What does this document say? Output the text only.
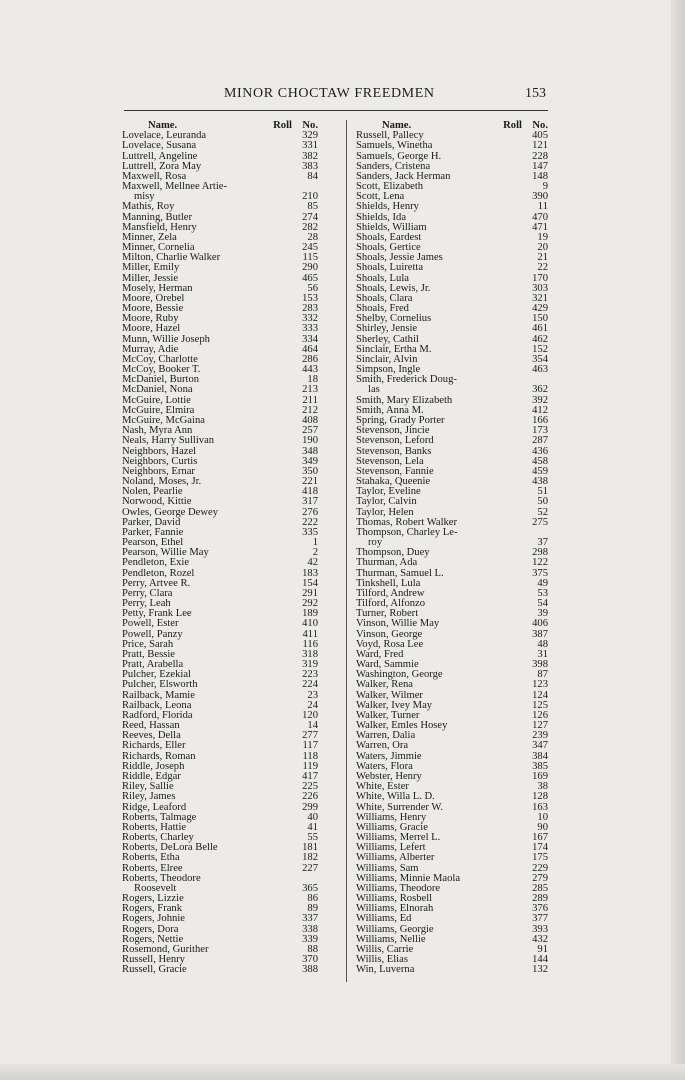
MINOR CHOCTAW FREEDMEN	153
Name.	Roll No.
Lovelace, Leuranda	329
Lovelace, Susana	331
Luttrell, Angeline	382
Luttrell, Zora May	383
Maxwell, Rosa	84
Maxwell, Mellnee Artie-
misy	210
Mathis, Roy	85
Manning, Butler	274
Mansfield, Henry	282
Minner, Zela	28
Minner, Cornelia	245
Milton, Charlie Walker	115
Miller, Emily	290
Miller, Jessie	465
Mosely, Herman	56
Moore, Orebel	153
Moore, Bessie	283
Moore, Ruby	332
Moore, Hazel	333
Munn, Willie Joseph	334
Murray, Adie	464
McCoy, Charlotte	286
McCoy, Booker T.	443
McDaniel, Burton	18
McDaniel, Nona	213
McGuire, Lottie	211
McGuire, Elmira	212
McGuire, McGaina	408
Nash, Myra Ann	257
Neals, Harry Sullivan	190
Neighbors, Hazel	348
Neighbors, Curtis	349
Neighbors, Ernar	350
Noland, Moses, Jr.	221
Nolen, Pearlie	418
Norwood, Kittie	317
Owles, George Dewey	276
Parker, David	222
Parker, Fannie	335
Pearson, Ethel	1
Pearson, Willie May	2
Pendleton, Exie	42
Pendleton, Rozel	183
Perry, Artvee R.	154
Perry, Clara	291
Perry, Leah	292
Petty, Frank Lee	189
Powell, Ester	410
Powell, Panzy	411
Price, Sarah	116
Pratt, Bessie	318
Pratt, Arabella	319
Pulcher, Ezekial	223
Pulcher, Elsworth	224
Railback, Mamie	23
Railback, Leona	24
Radford, Florida	120
Reed, Hassan	14
Reeves, Della	277
Richards, Eller	117
Richards, Roman	118
Riddle, Joseph	119
Riddle, Edgar	417
Riley, Sallie	225
Riley, James	226
Ridge, Leaford	299
Roberts, Talmage	40
Roberts, Hattie	41
Roberts, Charley	55
Roberts, DeLora Belle	181
Roberts, Etha	182
Roberts, Elree	227
Roberts, Theodore
Roosevelt	365
Rogers, Lizzie	86
Rogers, Frank	89
Rogers, Johnie	337
Rogers, Dora	338
Rogers, Nettie	339
Rosemond, Gurither	88
Russell, Henry	370
Russell, Gracie	388
Name.	Roll No.
Russell, Pallecy	405
Samuels, Winetha	121
Samuels, George H.	228
Sanders, Cristena	147
Sanders, Jack Herman	148
Scott, Elizabeth	9
Scott, Lena	390
Shields, Henry	11
Shields, Ida	470
Shields, William	471
Shoals, Eardest	19
Shoals, Gertice	20
Shoals, Jessie James	21
Shoals, Luiretta	22
Shoals, Lula	170
Shoals, Lewis, Jr.	303
Shoals, Clara	321
Shoals, Fred	429
Shelby, Cornelius	150
Shirley, Jensie	461
Sherley, Cathil	462
Sinclair, Ertha M.	152
Sinclair, Alvin	354
Simpson, Ingle	463
Smith, Frederick Doug-
las	362
Smith, Mary Elizabeth	392
Smith, Anna M.	412
Spring, Grady Porter	166
Stevenson, Jincie	173
Stevenson, Leford	287
Stevenson, Banks	436
Stevenson, Lela	458
Stevenson, Fannie	459
Stahaka, Queenie	438
Taylor, Eveline	51
Taylor, Calvin	50
Taylor, Helen	52
Thomas, Robert Walker	275
Thompson, Charley Le-
roy	37
Thompson, Duey	298
Thurman, Ada	122
Thurman, Samuel L.	375
Tinkshell, Lula	49
Tilford, Andrew	53
Tilford, Alfonzo	54
Turner, Robert	39
Vinson, Willie May	406
Vinson, George	387
Voyd, Rosa Lee	48
Ward, Fred	31
Ward, Sammie	398
Washington, George	87
Walker, Rena	123
Walker, Wilmer	124
Walker, Ivey May	125
Walker, Turner	126
Walker, Emles Hosey	127
Warren, Dalia	239
Warren, Ora	347
Waters, Jimmie	384
Waters, Flora	385
Webster, Henry	169
White, Ester	38
White, Willa L. D.	128
White, Surrender W.	163
Williams, Henry	10
Williams, Gracie	90
Williams, Merrel L.	167
Williams, Lefert	174
Williams, Alberter	175
Williams, Sam	229
Williams, Minnie Maola	279
Williams, Theodore	285
Williams, Rosbell	289
Williams, Elnorah	376
Williams, Ed	377
Williams, Georgie	393
Williams, Nellie	432
Willis, Carrie	91
Willis, Elias	144
Win, Luverna	132
